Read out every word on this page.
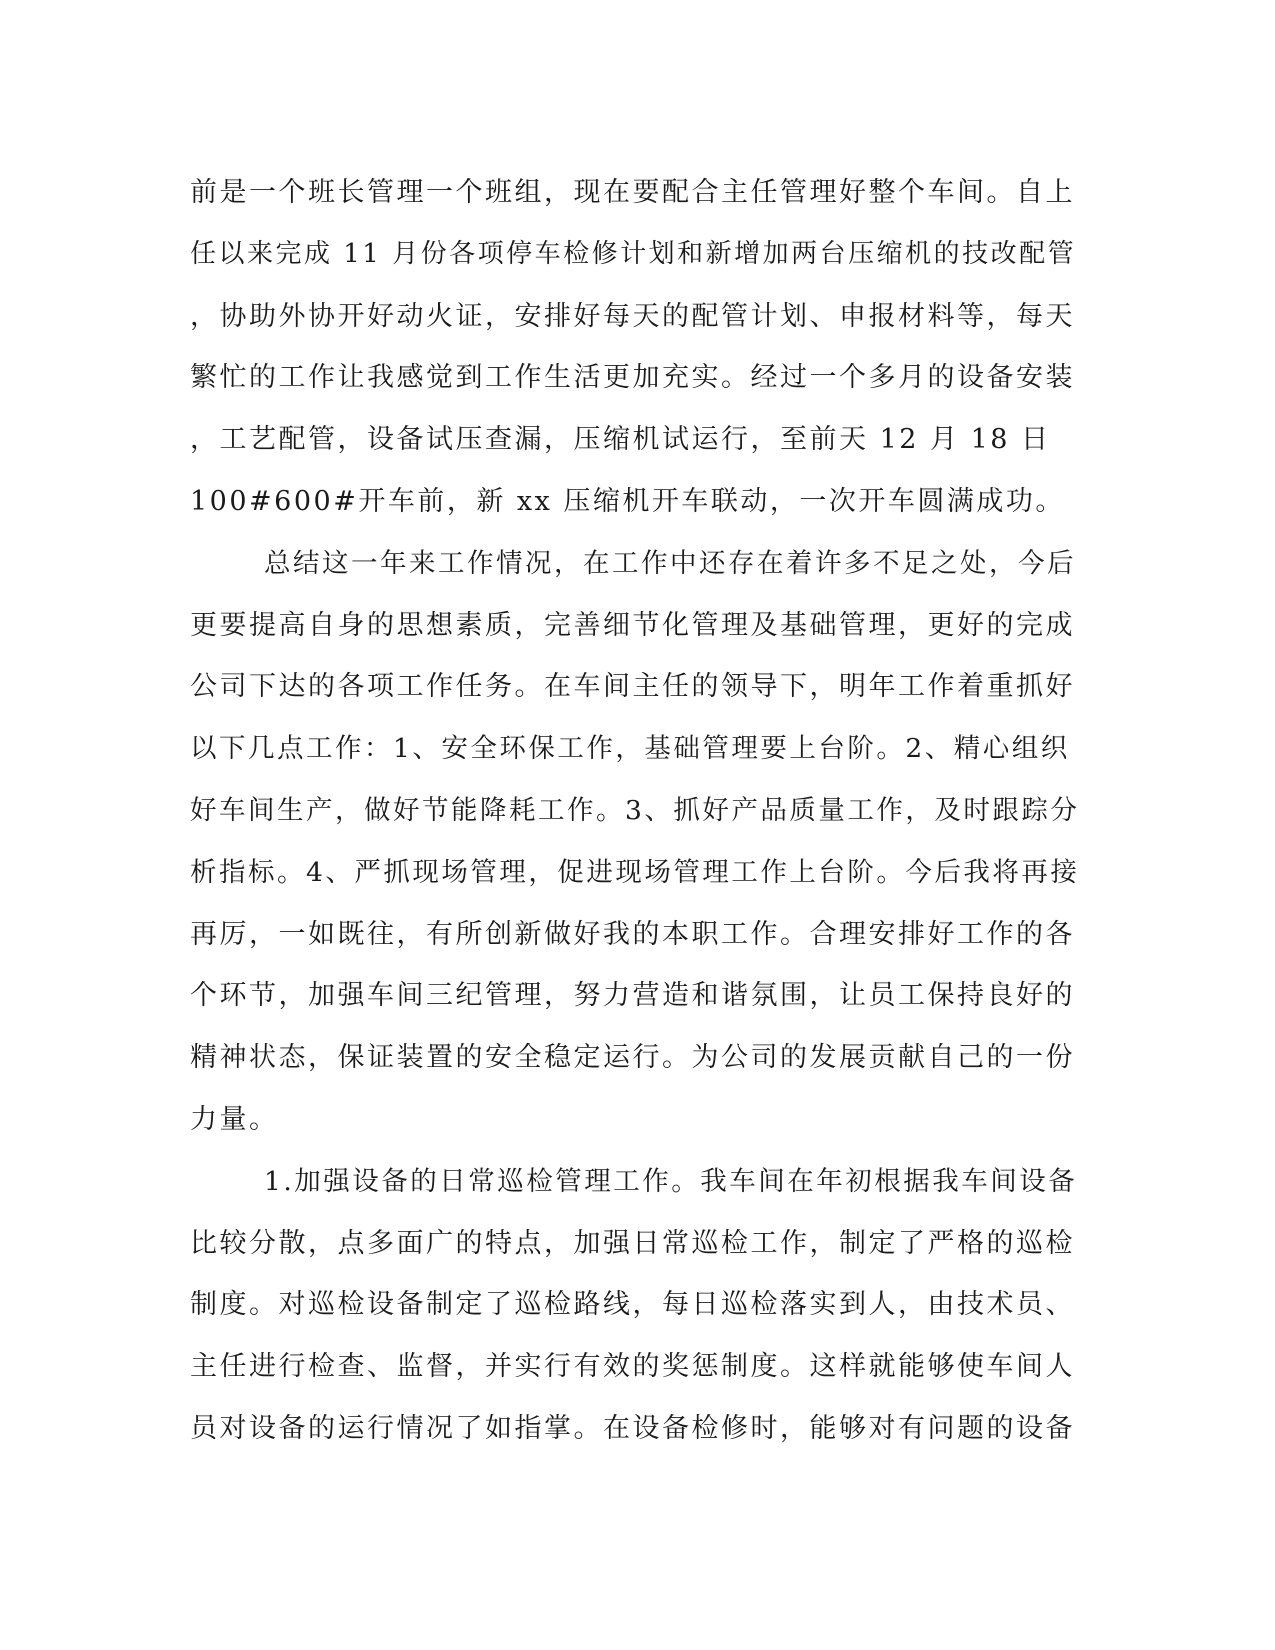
前是一个班长管理一个班组，现在要配合主任管理好整个车间。自上
任以来完成 11 月份各项停车检修计划和新增加两台压缩机的技改配管
，协助外协开好动火证，安排好每天的配管计划、申报材料等，每天
繁忙的工作让我感觉到工作生活更加充实。经过一个多月的设备安装
，工艺配管，设备试压查漏，压缩机试运行，至前天 12 月 18 日
100#600#开车前，新 xx 压缩机开车联动，一次开车圆满成功。
总结这一年来工作情况，在工作中还存在着许多不足之处，今后
更要提高自身的思想素质，完善细节化管理及基础管理，更好的完成
公司下达的各项工作任务。在车间主任的领导下，明年工作着重抓好
以下几点工作：1、安全环保工作，基础管理要上台阶。2、精心组织
好车间生产，做好节能降耗工作。3、抓好产品质量工作，及时跟踪分
析指标。4、严抓现场管理，促进现场管理工作上台阶。今后我将再接
再厉，一如既往，有所创新做好我的本职工作。合理安排好工作的各
个环节，加强车间三纪管理，努力营造和谐氛围，让员工保持良好的
精神状态，保证装置的安全稳定运行。为公司的发展贡献自己的一份
力量。
1.加强设备的日常巡检管理工作。我车间在年初根据我车间设备
比较分散，点多面广的特点，加强日常巡检工作，制定了严格的巡检
制度。对巡检设备制定了巡检路线，每日巡检落实到人，由技术员、
主任进行检查、监督，并实行有效的奖惩制度。这样就能够使车间人
员对设备的运行情况了如指掌。在设备检修时，能够对有问题的设备
